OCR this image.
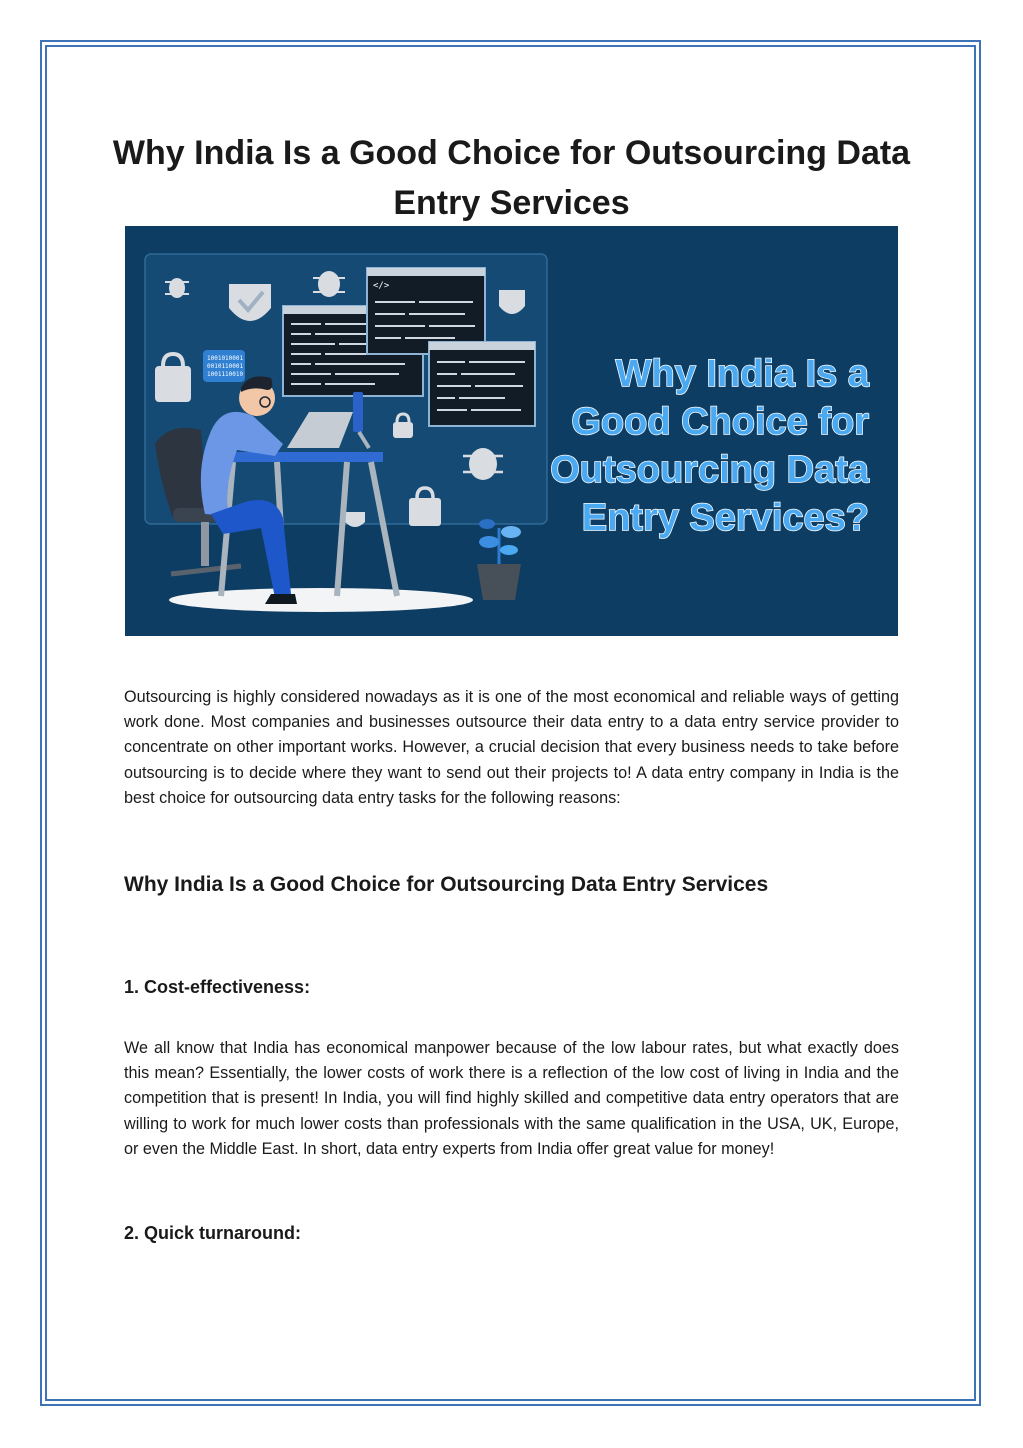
Why India Is a Good Choice for Outsourcing Data Entry Services
1001010001
0010110001
1001110010
</>
Why India Is a
Good Choice for
Outsourcing Data
Entry Services?

Outsourcing is highly considered nowadays as it is one of the most economical and reliable ways of getting work done. Most companies and businesses outsource their data entry to a data entry service provider to concentrate on other important works. However, a crucial decision that every business needs to take before outsourcing is to decide where they want to send out their projects to! A data entry company in India is the best choice for outsourcing data entry tasks for the following reasons:

Why India Is a Good Choice for Outsourcing Data Entry Services
1. Cost-effectiveness:

We all know that India has economical manpower because of the low labour rates, but what exactly does this mean? Essentially, the lower costs of work there is a reflection of the low cost of living in India and the competition that is present! In India, you will find highly skilled and competitive data entry operators that are willing to work for much lower costs than professionals with the same qualification in the USA, UK, Europe, or even the Middle East. In short, data entry experts from India offer great value for money!

2. Quick turnaround:
